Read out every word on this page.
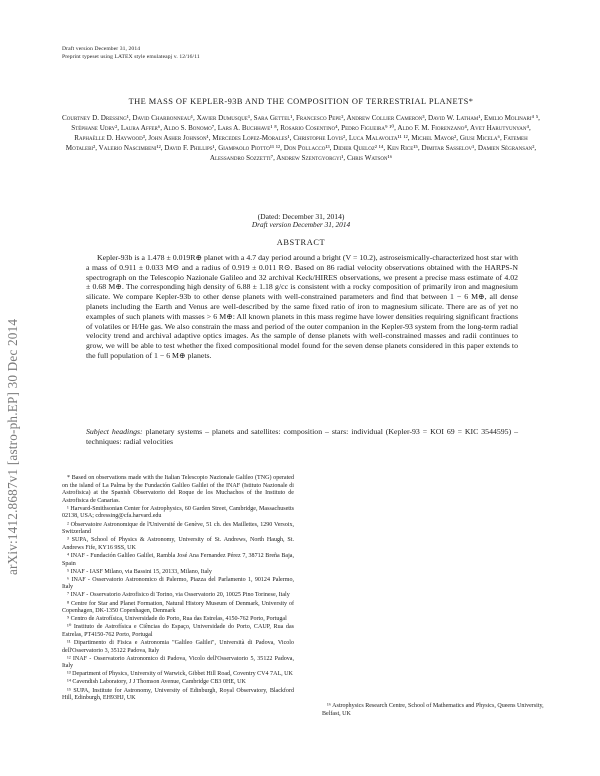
Draft version December 31, 2014
Preprint typeset using LATEX style emulateapj v. 12/16/11
arXiv:1412.8687v1 [astro-ph.EP] 30 Dec 2014
THE MASS OF KEPLER-93B AND THE COMPOSITION OF TERRESTRIAL PLANETS*
Courtney D. Dressing¹, David Charbonneau¹, Xavier Dumusque¹, Sara Gettel¹, Francesco Pepe², Andrew Collier Cameron³, David W. Latham¹, Emilio Molinari⁴ ⁵, Stéphane Udry², Laura Affer⁶, Aldo S. Bonomo⁷, Lars A. Buchhave¹ ⁸, Rosario Cosentino⁴, Pedro Figueira⁹ ¹⁰, Aldo F. M. Fiorenzano⁴, Avet Harutyunyan⁴, Raphaëlle D. Haywood³, John Asher Johnson¹, Mercedes Lopez-Morales¹, Christophe Lovis², Luca Malavolta¹¹ ¹², Michel Mayor², Giusi Micela⁶, Fatemeh Motalebi², Valerio Nascimbeni¹², David F. Phillips¹, Giampaolo Piotto¹¹ ¹², Don Pollacco¹³, Didier Queloz² ¹⁴, Ken Rice¹⁵, Dimitar Sasselov¹, Damien Ségransan², Alessandro Sozzetti⁷, Andrew Szentgyorgyi¹, Chris Watson¹⁶
(Dated: December 31, 2014)
Draft version December 31, 2014
ABSTRACT

Kepler-93b is a 1.478 ± 0.019R⊕ planet with a 4.7 day period around a bright (V = 10.2), astroseismically-characterized host star with a mass of 0.911 ± 0.033 M⊙ and a radius of 0.919 ± 0.011 R⊙. Based on 86 radial velocity observations obtained with the HARPS-N spectrograph on the Telescopio Nazionale Galileo and 32 archival Keck/HIRES observations, we present a precise mass estimate of 4.02 ± 0.68 M⊕. The corresponding high density of 6.88 ± 1.18 g/cc is consistent with a rocky composition of primarily iron and magnesium silicate. We compare Kepler-93b to other dense planets with well-constrained parameters and find that between 1 − 6 M⊕, all dense planets including the Earth and Venus are well-described by the same fixed ratio of iron to magnesium silicate. There are as of yet no examples of such planets with masses > 6 M⊕: All known planets in this mass regime have lower densities requiring significant fractions of volatiles or H/He gas. We also constrain the mass and period of the outer companion in the Kepler-93 system from the long-term radial velocity trend and archival adaptive optics images. As the sample of dense planets with well-constrained masses and radii continues to grow, we will be able to test whether the fixed compositional model found for the seven dense planets considered in this paper extends to the full population of 1 − 6 M⊕ planets.

Subject headings: planetary systems – planets and satellites: composition – stars: individual (Kepler-93 = KOI 69 = KIC 3544595) – techniques: radial velocities

* Based on observations made with the Italian Telescopio Nazionale Galileo (TNG) operated on the island of La Palma by the Fundación Galileo Galilei of the INAF (Istituto Nazionale di Astrofisica) at the Spanish Observatorio del Roque de los Muchachos of the Instituto de Astrofisica de Canarias.

¹ Harvard-Smithsonian Center for Astrophysics, 60 Garden Street, Cambridge, Massachusetts 02138, USA; cdressing@cfa.harvard.edu

² Observatoire Astronomique de l'Université de Genève, 51 ch. des Maillettes, 1290 Versoix, Switzerland

³ SUPA, School of Physics & Astronomy, University of St. Andrews, North Haugh, St. Andrews Fife, KY16 9SS, UK

⁴ INAF - Fundación Galileo Galilei, Rambla José Ana Fernandez Pérez 7, 38712 Breña Baja, Spain

⁵ INAF - IASF Milano, via Bassini 15, 20133, Milano, Italy

⁶ INAF - Osservatorio Astronomico di Palermo, Piazza del Parlamento 1, 90124 Palermo, Italy

⁷ INAF - Osservatorio Astrofisico di Torino, via Osservatorio 20, 10025 Pino Torinese, Italy

⁸ Centre for Star and Planet Formation, Natural History Museum of Denmark, University of Copenhagen, DK-1350 Copenhagen, Denmark

⁹ Centro de Astrofísica, Universidade do Porto, Rua das Estrelas, 4150-762 Porto, Portugal

¹⁰ Instituto de Astrofísica e Ciências do Espaço, Universidade do Porto, CAUP, Rua das Estrelas, PT4150-762 Porto, Portugal

¹¹ Dipartimento di Fisica e Astronomia "Galileo Galilei", Università di Padova, Vicolo dell'Osservatorio 3, 35122 Padova, Italy

¹² INAF - Osservatorio Astronomico di Padova, Vicolo dell'Osservatorio 5, 35122 Padova, Italy

¹³ Department of Physics, University of Warwick, Gibbet Hill Road, Coventry CV4 7AL, UK

¹⁴ Cavendish Laboratory, J J Thomson Avenue, Cambridge CB3 0HE, UK

¹⁵ SUPA, Institute for Astronomy, University of Edinburgh, Royal Observatory, Blackford Hill, Edinburgh, EH93HJ, UK

¹⁶ Astrophysics Research Centre, School of Mathematics and Physics, Queens University, Belfast, UK
